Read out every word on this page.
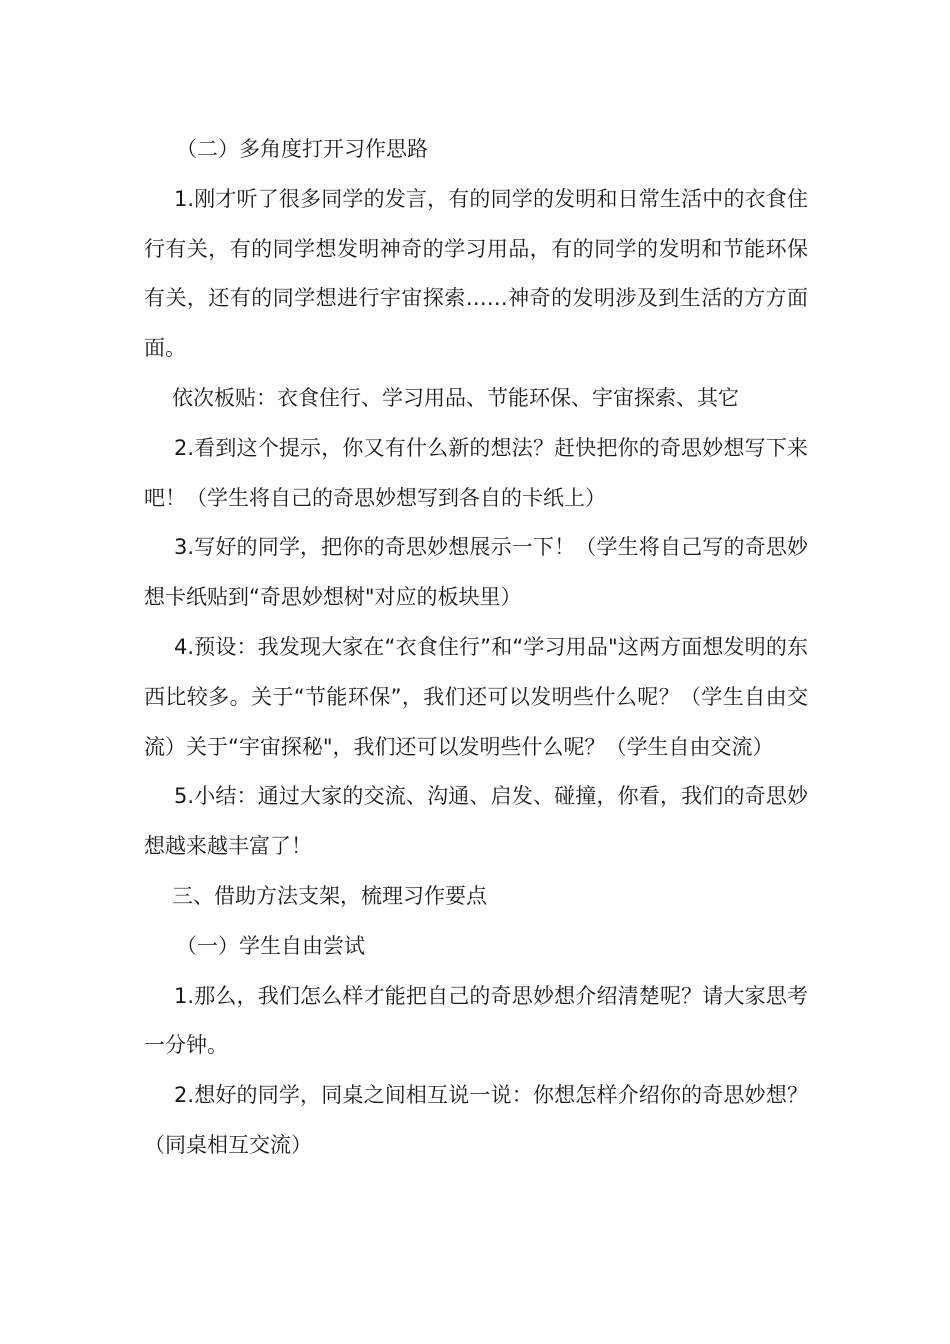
（二）多角度打开习作思路

1.刚才听了很多同学的发言，有的同学的发明和日常生活中的衣食住行有关，有的同学想发明神奇的学习用品，有的同学的发明和节能环保有关，还有的同学想进行宇宙探索……神奇的发明涉及到生活的方方面面。

依次板贴：衣食住行、学习用品、节能环保、宇宙探索、其它

2.看到这个提示，你又有什么新的想法？赶快把你的奇思妙想写下来吧！（学生将自己的奇思妙想写到各自的卡纸上）

3.写好的同学，把你的奇思妙想展示一下！（学生将自己写的奇思妙想卡纸贴到“奇思妙想树"对应的板块里）

4.预设：我发现大家在“衣食住行”和“学习用品"这两方面想发明的东西比较多。关于“节能环保”，我们还可以发明些什么呢？（学生自由交流）关于“宇宙探秘"，我们还可以发明些什么呢？（学生自由交流）

5.小结：通过大家的交流、沟通、启发、碰撞，你看，我们的奇思妙想越来越丰富了！

三、借助方法支架，梳理习作要点

（一）学生自由尝试

1.那么，我们怎么样才能把自己的奇思妙想介绍清楚呢？请大家思考一分钟。

2.想好的同学，同桌之间相互说一说：你想怎样介绍你的奇思妙想？（同桌相互交流）
